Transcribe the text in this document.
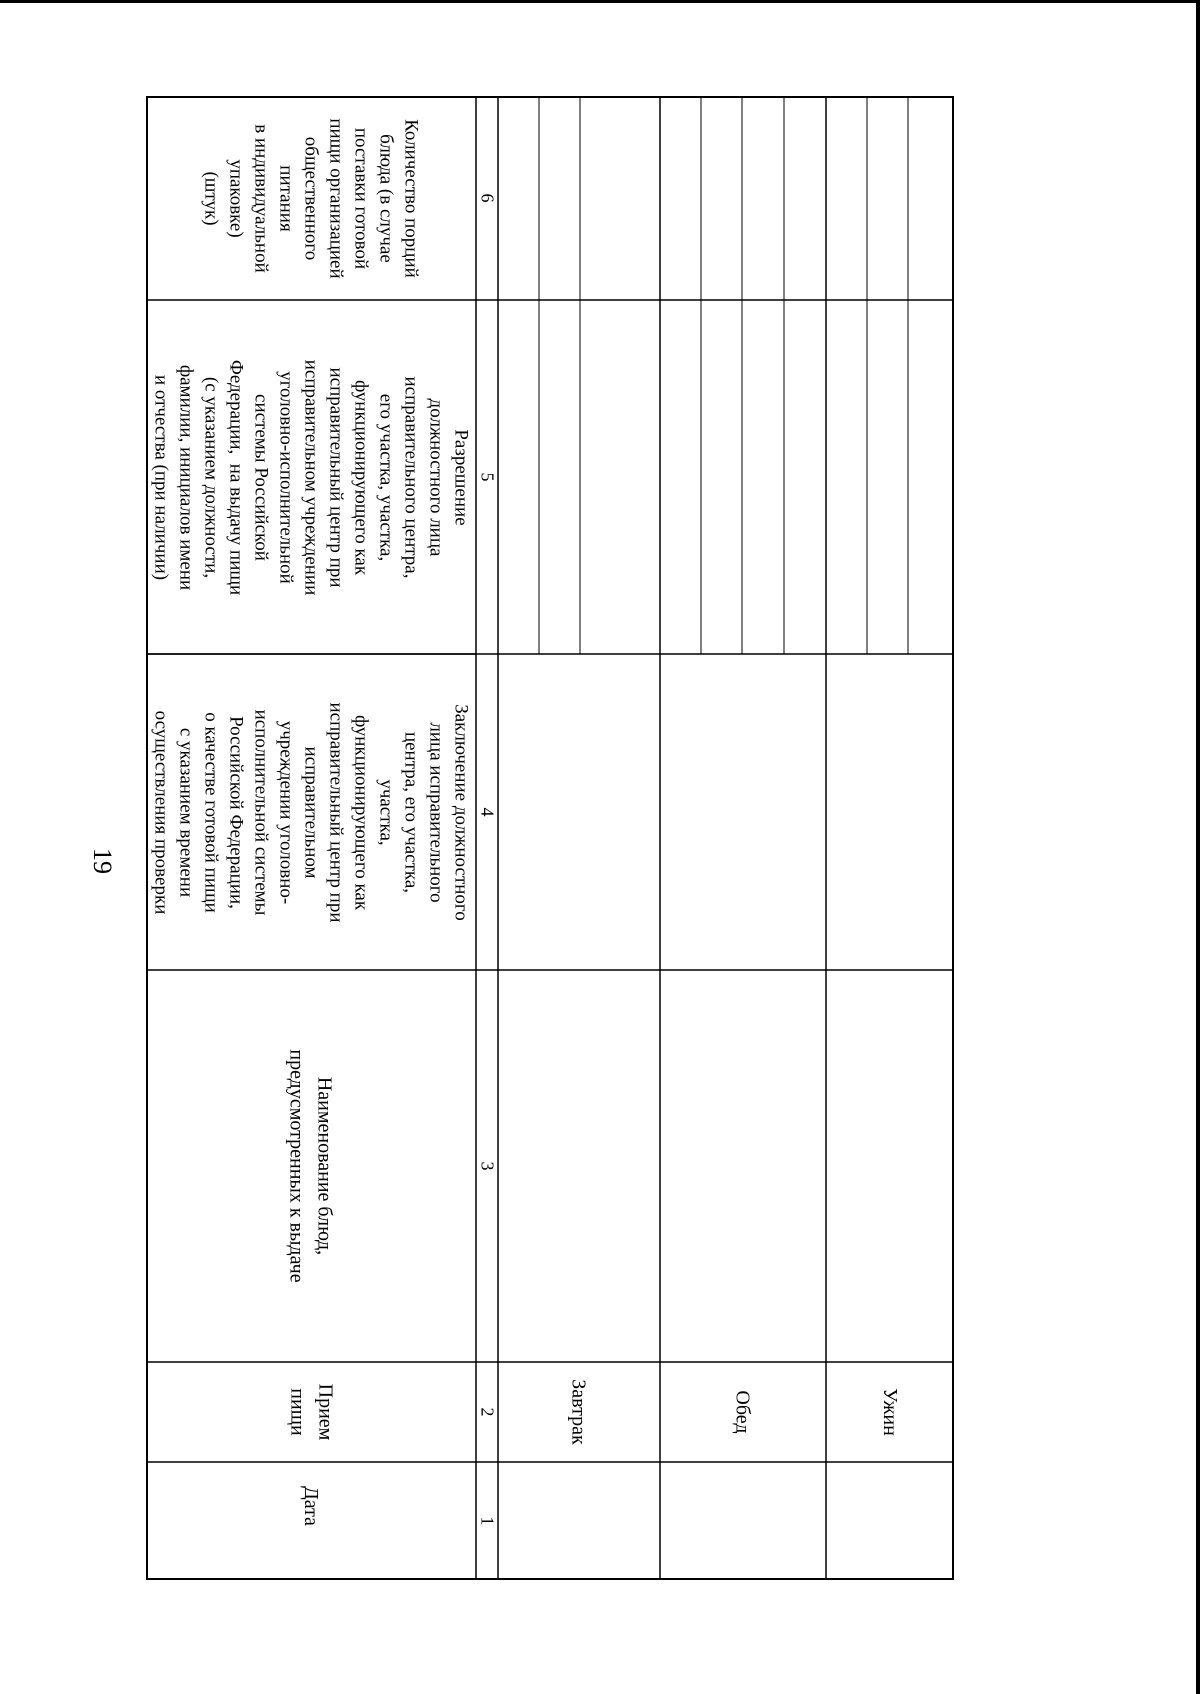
19
Дата
Прием
пищи
Наименование блюд,
предусмотренных к выдаче
Заключение должностного
лица исправительного
центра, его участка,
участка,
функционирующего как
исправительный центр при
исправительном
учреждении уголовно-
исполнительной системы
Российской Федерации,
о качестве готовой пищи
с указанием времени
осуществления проверки
Разрешение
должностного лица
исправительного центра,
его участка, участка,
функционирующего как
исправительный центр при
исправительном учреждении
уголовно-исполнительной
системы Российской
Федерации,  на выдачу пищи
(с указанием должности,
фамилии, инициалов имени
и отчества (при наличии)
Количество порций
блюда (в случае
поставки готовой
пищи организацией
общественного
питания
в индивидуальной
упаковке)
(штук)
1
2
3
4
5
6
Завтрак	Обед	Ужин
